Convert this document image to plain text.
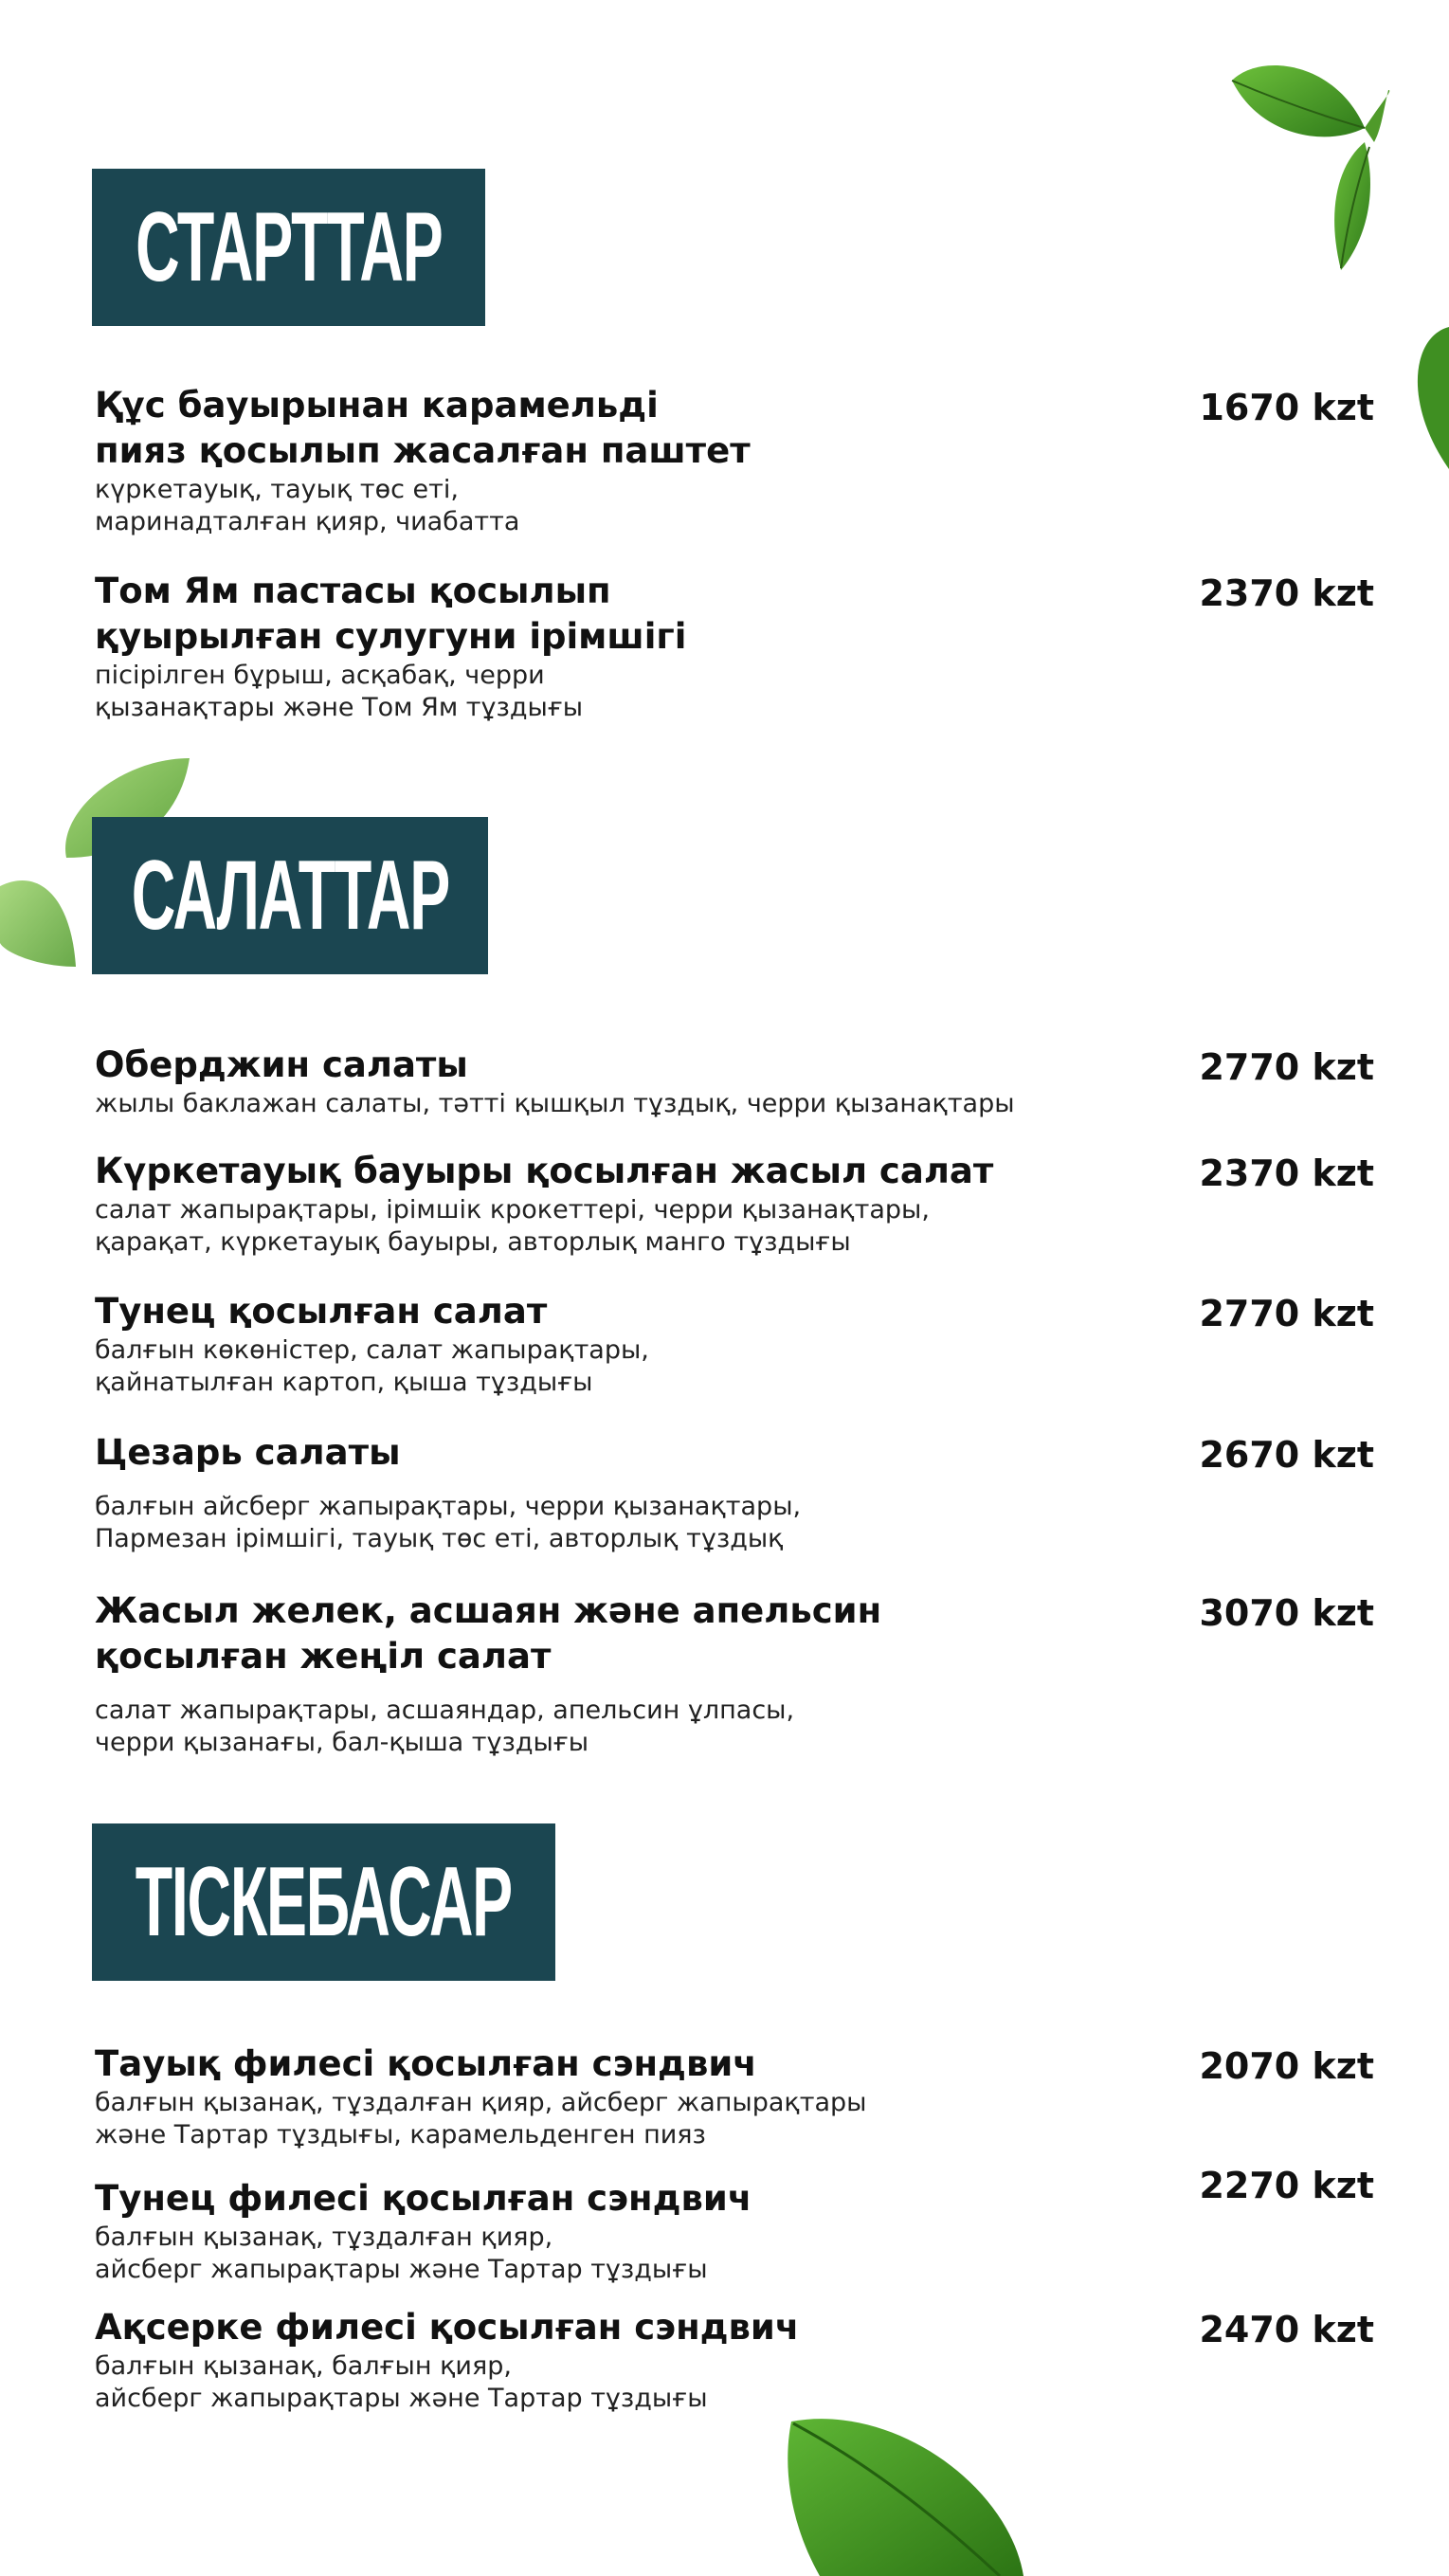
СТАРТТАР
САЛАТТАР
ТІСКЕБАСАР
Құс бауырынан карамельді
пияз қосылып жасалған паштет
күркетауық, тауық төс еті,
маринадталған қияр, чиабатта
1670 kzt
Том Ям пастасы қосылып
қуырылған сулугуни ірімшігі
пісірілген бұрыш, асқабақ, черри
қызанақтары және Том Ям тұздығы
2370 kzt
Оберджин салаты
жылы баклажан салаты, тәтті қышқыл тұздық, черри қызанақтары
2770 kzt
Күркетауық бауыры қосылған жасыл салат
салат жапырақтары, ірімшік крокеттері, черри қызанақтары,
қарақат, күркетауық бауыры, авторлық манго тұздығы
2370 kzt
Тунец қосылған салат
балғын көкөністер, салат жапырақтары,
қайнатылған картоп, қыша тұздығы
2770 kzt
Цезарь салаты
балғын айсберг жапырақтары, черри қызанақтары,
Пармезан ірімшігі, тауық төс еті, авторлық тұздық
2670 kzt
Жасыл желек, асшаян және апельсин
қосылған жеңіл салат
салат жапырақтары, асшаяндар, апельсин ұлпасы,
черри қызанағы, бал-қыша тұздығы
3070 kzt
Тауық филесі қосылған сэндвич
балғын қызанақ, тұздалған қияр, айсберг жапырақтары
және Тартар тұздығы, карамельденген пияз
2070 kzt
Тунец филесі қосылған сэндвич
балғын қызанақ, тұздалған қияр,
айсберг жапырақтары және Тартар тұздығы
2270 kzt
Ақсерке филесі қосылған сэндвич
балғын қызанақ, балғын қияр,
айсберг жапырақтары және Тартар тұздығы
2470 kzt
